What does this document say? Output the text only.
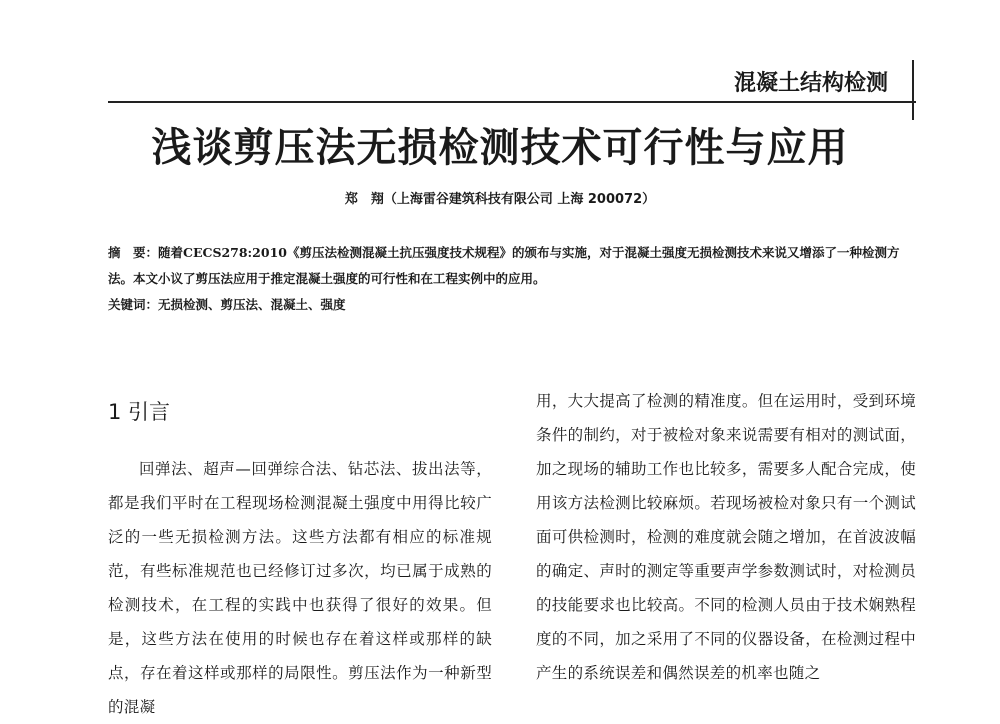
混凝土结构检测
浅谈剪压法无损检测技术可行性与应用
郑　翔（上海雷谷建筑科技有限公司 上海 200072）
摘　要：随着CECS278:2010《剪压法检测混凝土抗压强度技术规程》的颁布与实施，对于混凝土强度无损检测技术来说又增添了一种检测方法。本文小议了剪压法应用于推定混凝土强度的可行性和在工程实例中的应用。
关键词：无损检测、剪压法、混凝土、强度
1 引言
回弹法、超声—回弹综合法、钻芯法、拔出法等，都是我们平时在工程现场检测混凝土强度中用得比较广泛的一些无损检测方法。这些方法都有相应的标准规范，有些标准规范也已经修订过多次，均已属于成熟的检测技术，在工程的实践中也获得了很好的效果。但是，这些方法在使用的时候也存在着这样或那样的缺点，存在着这样或那样的局限性。剪压法作为一种新型的混凝
用，大大提高了检测的精准度。但在运用时，受到环境条件的制约，对于被检对象来说需要有相对的测试面，加之现场的辅助工作也比较多，需要多人配合完成，使用该方法检测比较麻烦。若现场被检对象只有一个测试面可供检测时，检测的难度就会随之增加，在首波波幅的确定、声时的测定等重要声学参数测试时，对检测员的技能要求也比较高。不同的检测人员由于技术娴熟程度的不同，加之采用了不同的仪器设备，在检测过程中产生的系统误差和偶然误差的机率也随之
